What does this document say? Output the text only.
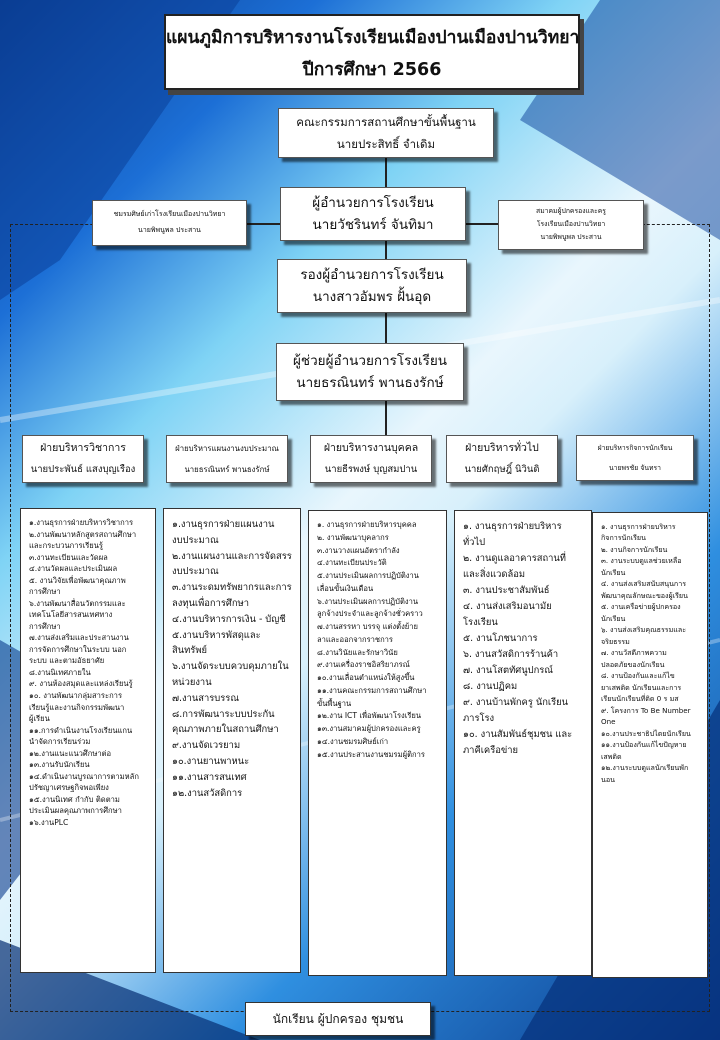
แผนภูมิการบริหารงานโรงเรียนเมืองปานเมืองปานวิทยา
ปีการศึกษา 2566
คณะกรรมการสถานศึกษาขั้นพื้นฐาน
นายประสิทธิ์ จำเดิม
ชมรมศิษย์เก่าโรงเรียนเมืองปานวิทยา
นายพิพนูพล ประสาน
ผู้อำนวยการโรงเรียน
นายวัชรินทร์ จันทิมา
สมาคมผู้ปกครองและครู
โรงเรียนเมืองปานวิทยา
นายพิพนูพล ประสาน
รองผู้อำนวยการโรงเรียน
นางสาวอัมพร ฝั้นอุด
ผู้ช่วยผู้อำนวยการโรงเรียน
นายธรณินทร์ พานธงรักษ์
ฝ่ายบริหารวิชาการ
นายประพันธ์ แสงบุญเรือง
ฝ่ายบริหารแผนงานงบประมาณ
นายธรณินทร์ พานธงรักษ์
ฝ่ายบริหารงานบุคคล
นายธีรพงษ์ บุญสมปาน
ฝ่ายบริหารทั่วไป
นายศักฤษฎิ์ นิวินดิ
ฝ่ายบริหารกิจการนักเรียน
นายพรชัย จันทรา
๑.งานธุรการฝ่ายบริหารวิชาการ
๒.งานพัฒนาหลักสูตรสถานศึกษา
และกระบวนการเรียนรู้
๓.งานทะเบียนและวัดผล
๔.งานวัดผลและประเมินผล
๕. งานวิจัยเพื่อพัฒนาคุณภาพ
การศึกษา
๖.งานพัฒนาสื่อนวัตกรรมและ
เทคโนโลยีสารสนเทศทาง
การศึกษา
๗.งานส่งเสริมและประสานงาน
การจัดการศึกษาในระบบ นอก
ระบบ และตามอัธยาศัย
๘.งานนิเทศภายใน
๙. งานห้องสมุดและแหล่งเรียนรู้
๑๐. งานพัฒนากลุ่มสาระการ
เรียนรู้และงานกิจกรรมพัฒนา
ผู้เรียน
๑๑.การดำเนินงานโรงเรียนแกน
นำจัดการเรียนร่วม
๑๒.งานแนะแนวศึกษาต่อ
๑๓.งานรับนักเรียน
๑๔.ดำเนินงานบูรณาการตามหลัก
ปรัชญาเศรษฐกิจพอเพียง
๑๕.งานนิเทศ กำกับ ติดตาม
ประเมินผลคุณภาพการศึกษา
๑๖.งานPLC
๑.งานธุรการฝ่ายแผนงาน
งบประมาณ
๒.งานแผนงานและการจัดสรร
งบประมาณ
๓.งานระดมทรัพยากรและการ
ลงทุนเพื่อการศึกษา
๔.งานบริหารการเงิน - บัญชี
๕.งานบริหารพัสดุและ
สินทรัพย์
๖.งานจัดระบบควบคุมภายใน
หน่วยงาน
๗.งานสารบรรณ
๘.การพัฒนาระบบประกัน
คุณภาพภายในสถานศึกษา
๙.งานจัดเวรยาม
๑๐.งานยานพาหนะ
๑๑.งานสารสนเทศ
๑๒.งานสวัสดิการ
๑. งานธุรการฝ่ายบริหารบุคคล
๒. งานพัฒนาบุคลากร
๓.งานวางแผนอัตรากำลัง
๔.งานทะเบียนประวัติ
๕.งานประเมินผลการปฏิบัติงาน
เลื่อนขั้นเงินเดือน
๖.งานประเมินผลการปฏิบัติงาน
ลูกจ้างประจำและลูกจ้างชั่วคราว
๗.งานสรรหา บรรจุ แต่งตั้งย้าย
ลาและออกจากราชการ
๘.งานวินัยและรักษาวินัย
๙.งานเครื่องราชอิสริยาภรณ์
๑๐.งานเลื่อนตำแหน่งให้สูงขึ้น
๑๑.งานคณะกรรมการสถานศึกษา
ขั้นพื้นฐาน
๑๒.งาน ICT เพื่อพัฒนาโรงเรียน
๑๓.งานสมาคมผู้ปกครองและครู
๑๔.งานชมรมศิษย์เก่า
๑๕.งานประสานงานชมรมผู้ติการ
๑. งานธุรการฝ่ายบริหาร
ทั่วไป
๒. งานดูแลอาคารสถานที่
และสิ่งแวดล้อม
๓. งานประชาสัมพันธ์
๔. งานส่งเสริมอนามัย
โรงเรียน
๕. งานโภชนาการ
๖. งานสวัสดิการร้านค้า
๗. งานโสตทัศนูปกรณ์
๘. งานปฏิคม
๙. งานบ้านพักครู นักเรียน
ภารโรง
๑๐. งานสัมพันธ์ชุมชน และ
ภาคีเครือข่าย
๑. งานธุรการฝ่ายบริหาร
กิจการนักเรียน
๒. งานกิจการนักเรียน
๓. งานระบบดูแลช่วยเหลือ
นักเรียน
๔. งานส่งเสริมสนับสนุนการ
พัฒนาคุณลักษณะของผู้เรียน
๕. งานเครือข่ายผู้ปกครอง
นักเรียน
๖. งานส่งเสริมคุณธรรมและ
จริยธรรม
๗. งานวัสดีภาพความ
ปลอดภัยของนักเรียน
๘. งานป้องกันและแก้ไข
ยาเสพติด นักเรียนและการ
เรียนนักเรียนที่ติด 0 ร มส
๙. โครงการ To Be Number
One
๑๐.งานประชาธิปไตยนักเรียน
๑๑.งานป้องกันแก้ไขปัญหาย
เสพติด
๑๒.งานระบบดูแลนักเรียนพัก
นอน
นักเรียน ผู้ปกครอง ชุมชน
